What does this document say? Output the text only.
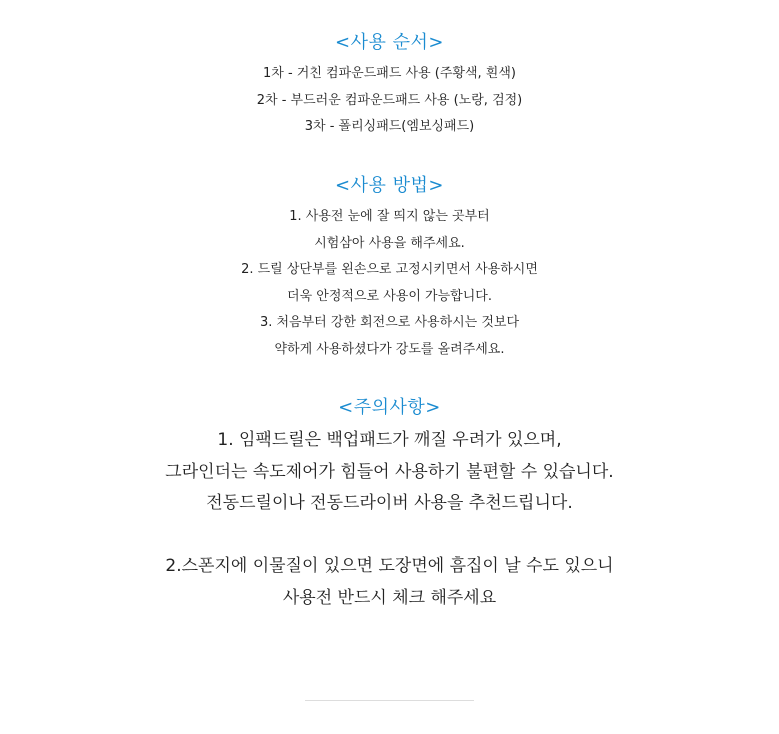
<사용 순서>
1차 - 거친 컴파운드패드 사용 (주황색, 흰색)
2차 - 부드러운 컴파운드패드 사용 (노랑, 검정)
3차 - 폴리싱패드(엠보싱패드)
<사용 방법>
1. 사용전 눈에 잘 띄지 않는 곳부터
시험삼아 사용을 해주세요.
2. 드릴 상단부를 왼손으로 고정시키면서 사용하시면
더욱 안정적으로 사용이 가능합니다.
3. 처음부터 강한 회전으로 사용하시는 것보다
약하게 사용하셨다가 강도를 올려주세요.
<주의사항>
1. 임팩드릴은 백업패드가 깨질 우려가 있으며,
그라인더는 속도제어가 힘들어 사용하기 불편할 수 있습니다.
전동드릴이나 전동드라이버 사용을 추천드립니다.
2.스폰지에 이물질이 있으면 도장면에 흠집이 날 수도 있으니
사용전 반드시 체크 해주세요
